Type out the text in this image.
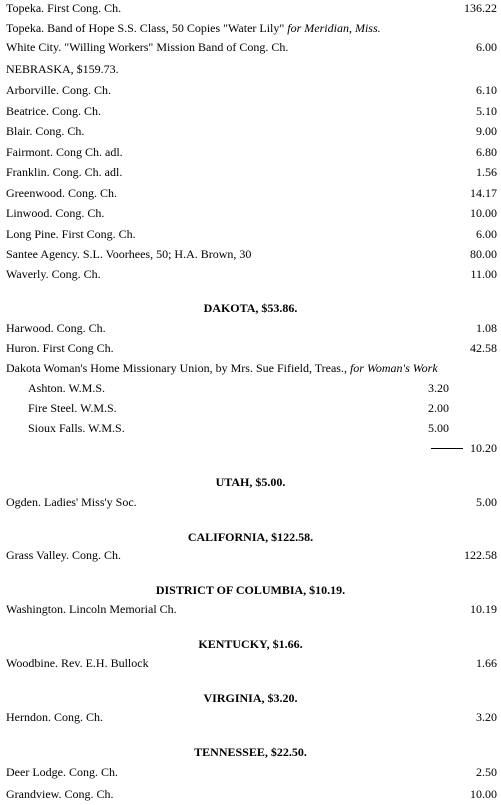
Topeka. First Cong. Ch.	136.22
Topeka. Band of Hope S.S. Class, 50 Copies "Water Lily" for Meridian, Miss.
White City. "Willing Workers" Mission Band of Cong. Ch.	6.00
NEBRASKA, $159.73.
Arborville. Cong. Ch.	6.10
Beatrice. Cong. Ch.	5.10
Blair. Cong. Ch.	9.00
Fairmont. Cong Ch. adl.	6.80
Franklin. Cong. Ch. adl.	1.56
Greenwood. Cong. Ch.	14.17
Linwood. Cong. Ch.	10.00
Long Pine. First Cong. Ch.	6.00
Santee Agency. S.L. Voorhees, 50; H.A. Brown, 30	80.00
Waverly. Cong. Ch.	11.00
DAKOTA, $53.86.
Harwood. Cong. Ch.	1.08
Huron. First Cong Ch.	42.58
Dakota Woman's Home Missionary Union, by Mrs. Sue Fifield, Treas., for Woman's Work
Ashton. W.M.S.	3.20
Fire Steel. W.M.S.	2.00
Sioux Falls. W.M.S.	5.00
10.20
UTAH, $5.00.
Ogden. Ladies' Miss'y Soc.	5.00
CALIFORNIA, $122.58.
Grass Valley. Cong. Ch.	122.58
DISTRICT OF COLUMBIA, $10.19.
Washington. Lincoln Memorial Ch.	10.19
KENTUCKY, $1.66.
Woodbine. Rev. E.H. Bullock	1.66
VIRGINIA, $3.20.
Herndon. Cong. Ch.	3.20
TENNESSEE, $22.50.
Deer Lodge. Cong. Ch.	2.50
Grandview. Cong. Ch.	10.00
